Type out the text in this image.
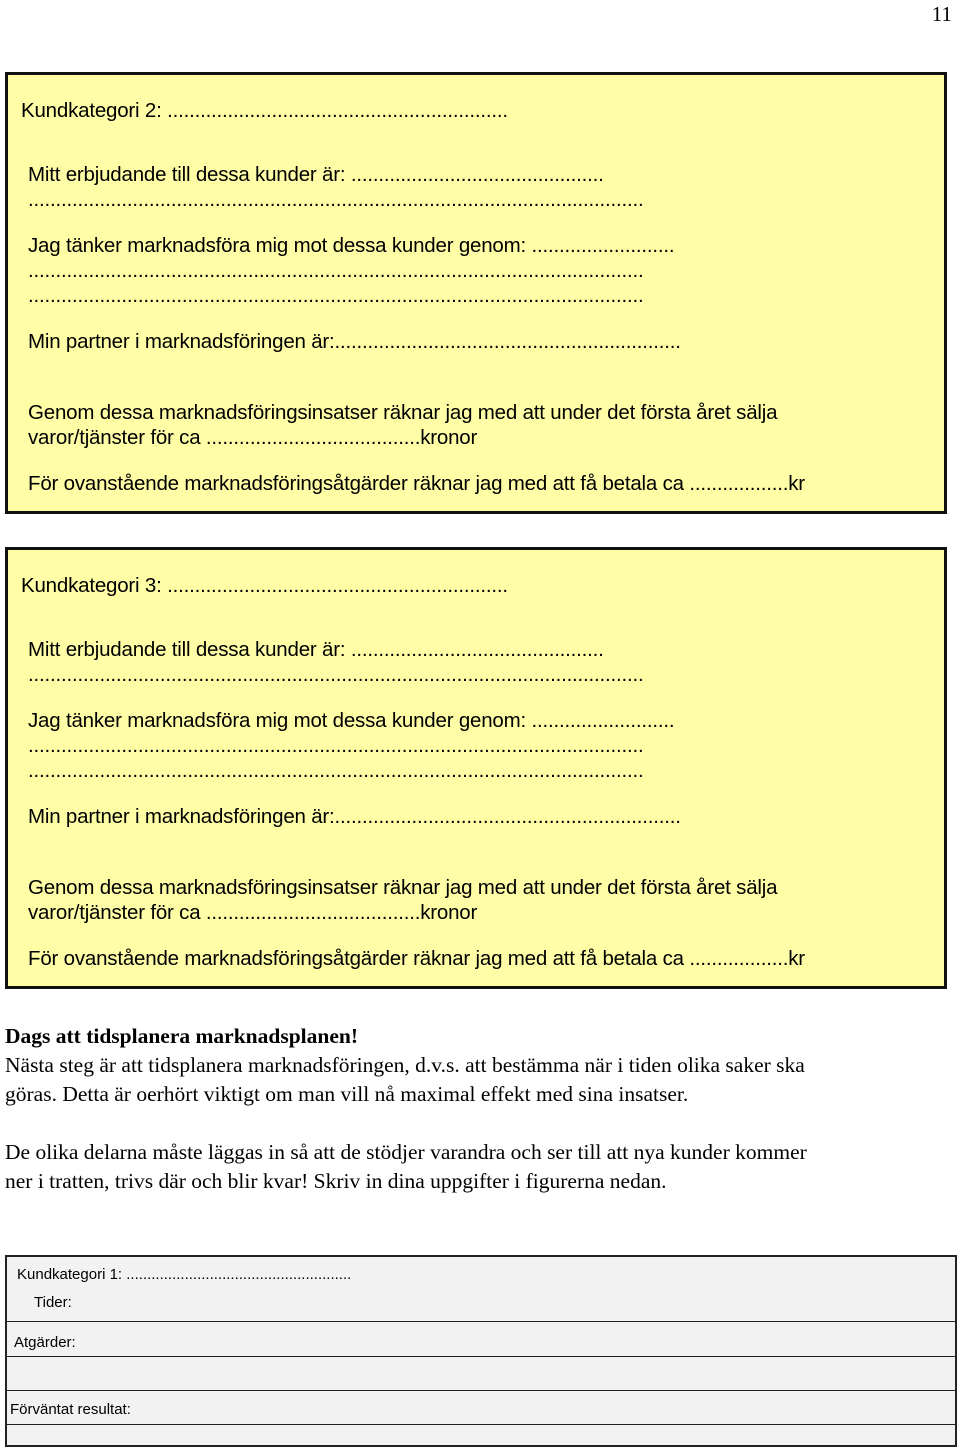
11
Kundkategori 2: ..............................................................
Mitt erbjudande till dessa kunder är: ..............................................
................................................................................................................
Jag tänker marknadsföra mig mot dessa kunder genom: ..........................
................................................................................................................
................................................................................................................
Min partner i marknadsföringen är:...............................................................
Genom dessa marknadsföringsinsatser räknar jag med att under det första året sälja
varor/tjänster för ca .......................................kronor
För ovanstående marknadsföringsåtgärder räknar jag med att få betala ca ..................kr
Kundkategori 3: ..............................................................
Mitt erbjudande till dessa kunder är: ..............................................
................................................................................................................
Jag tänker marknadsföra mig mot dessa kunder genom: ..........................
................................................................................................................
................................................................................................................
Min partner i marknadsföringen är:...............................................................
Genom dessa marknadsföringsinsatser räknar jag med att under det första året sälja
varor/tjänster för ca .......................................kronor
För ovanstående marknadsföringsåtgärder räknar jag med att få betala ca ..................kr

Dags att tidsplanera marknadsplanen!

Nästa steg är att tidsplanera marknadsföringen, d.v.s. att bestämma när i tiden olika saker ska

göras. Detta är oerhört viktigt om man vill nå maximal effekt med sina insatser.

De olika delarna måste läggas in så att de stödjer varandra och ser till att nya kunder kommer

ner i tratten, trivs där och blir kvar! Skriv in dina uppgifter i figurerna nedan.

Kundkategori 1: ......................................................
Tider:
Atgärder:
Förväntat resultat:
